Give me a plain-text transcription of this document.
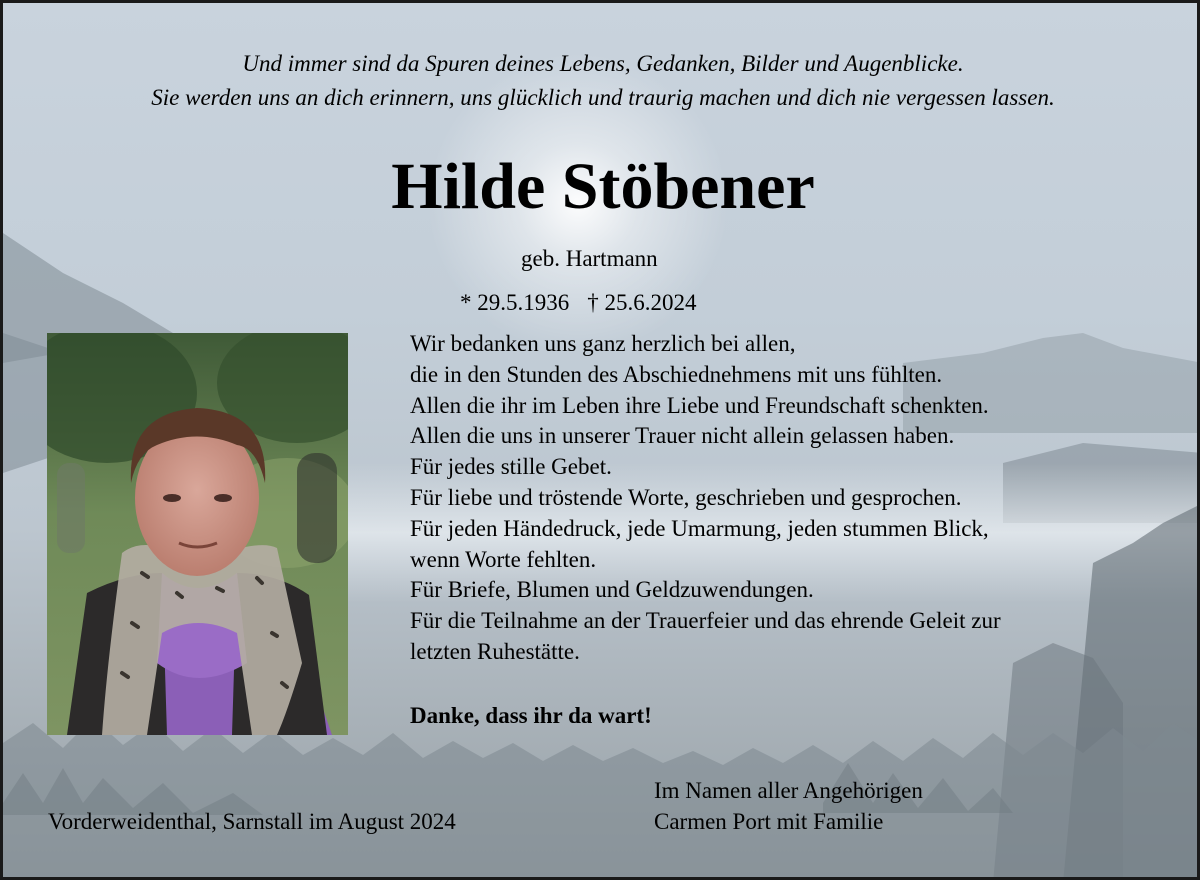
Und immer sind da Spuren deines Lebens, Gedanken, Bilder und Augenblicke.
Sie werden uns an dich erinnern, uns glücklich und traurig machen und dich nie vergessen lassen.
Hilde Stöbener
geb. Hartmann
* 29.5.1936 † 25.6.2024
Wir bedanken uns ganz herzlich bei allen,
die in den Stunden des Abschiednehmens mit uns fühlten.
Allen die ihr im Leben ihre Liebe und Freundschaft schenkten.
Allen die uns in unserer Trauer nicht allein gelassen haben.
Für jedes stille Gebet.
Für liebe und tröstende Worte, geschrieben und gesprochen.
Für jeden Händedruck, jede Umarmung, jeden stummen Blick,
wenn Worte fehlten.
Für Briefe, Blumen und Geldzuwendungen.
Für die Teilnahme an der Trauerfeier und das ehrende Geleit zur
letzten Ruhestätte.
Danke, dass ihr da wart!
Vorderweidenthal, Sarnstall im August 2024
Im Namen aller Angehörigen
Carmen Port mit Familie
